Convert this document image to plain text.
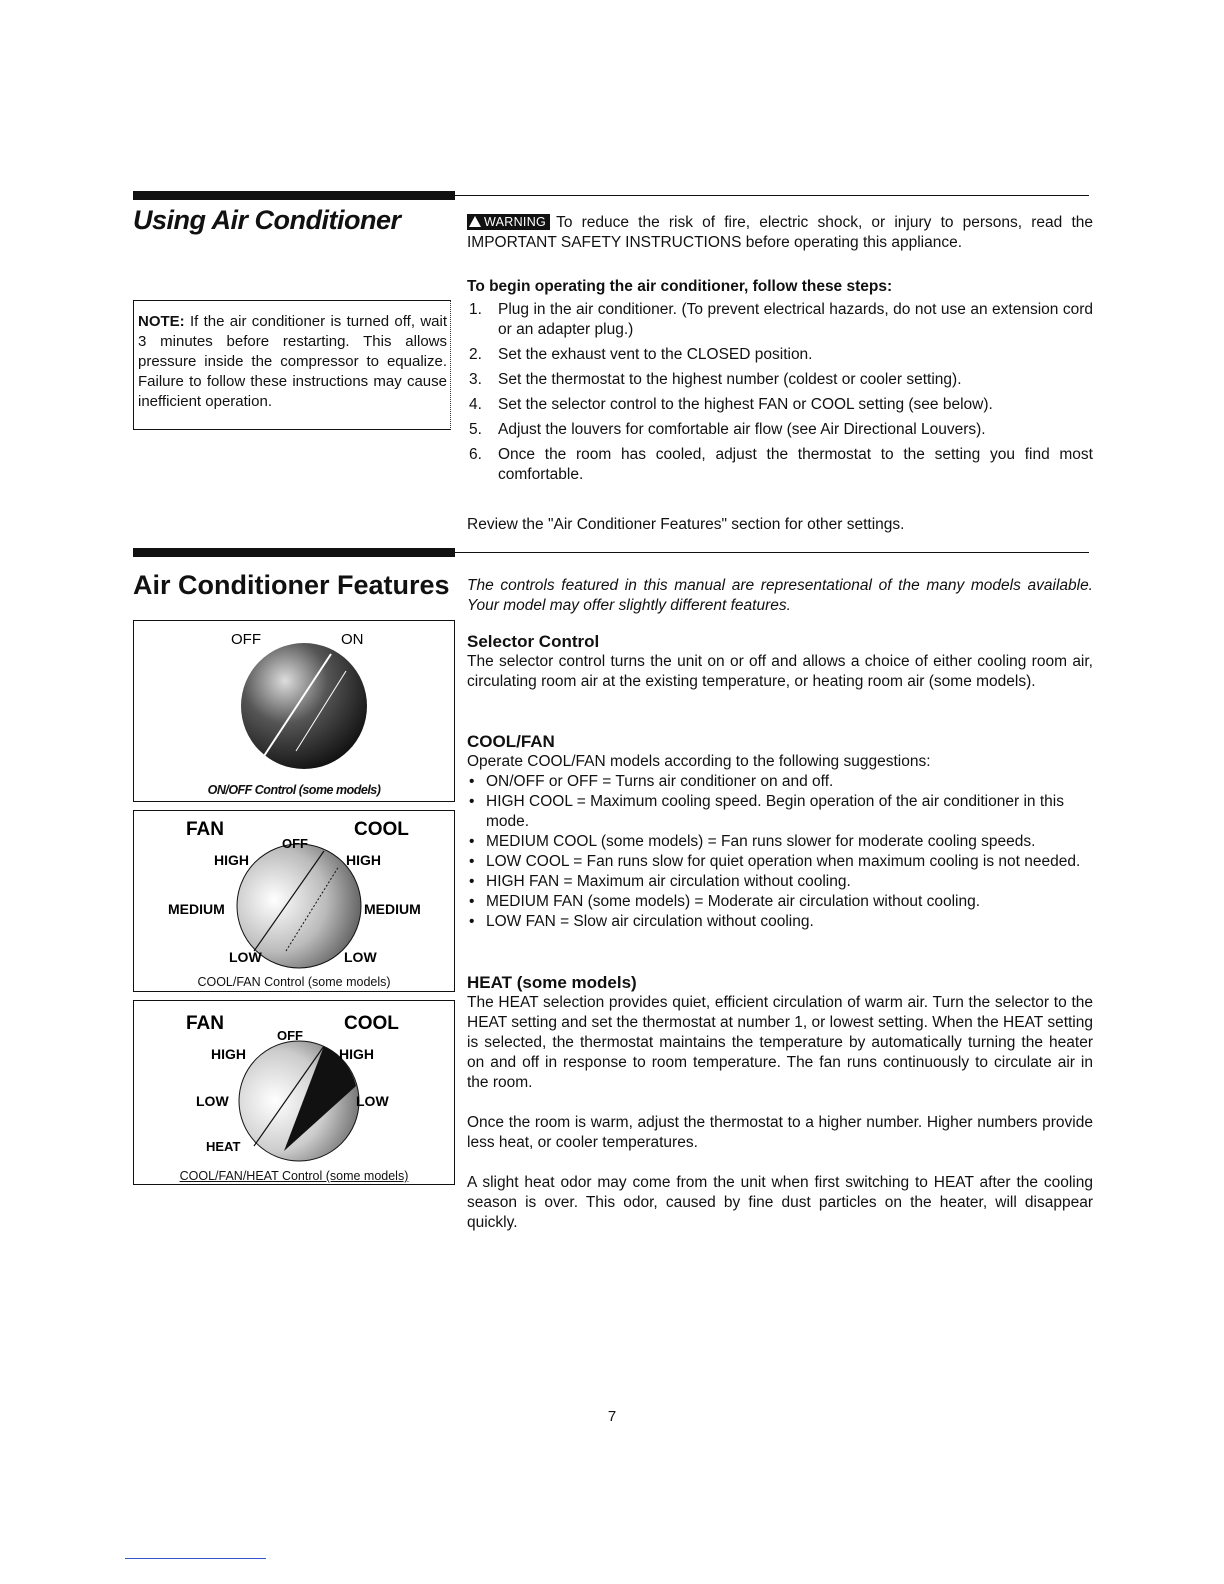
Using Air Conditioner	WARNING To reduce the risk of fire, electric shock, or injury to persons, read the IMPORTANT SAFETY INSTRUCTIONS before operating this appliance.

To begin operating the air conditioner, follow these steps:

1. Plug in the air conditioner. (To prevent electrical hazards, do not use an extension cord or an adapter plug.)
2. Set the exhaust vent to the CLOSED position.
3. Set the thermostat to the highest number (coldest or cooler setting).
4. Set the selector control to the highest FAN or COOL setting (see below).
5. Adjust the louvers for comfortable air flow (see Air Directional Louvers).
6. Once the room has cooled, adjust the thermostat to the setting you find most comfortable.

Review the "Air Conditioner Features" section for other settings.

NOTE: If the air conditioner is turned off, wait 3 minutes before restarting. This allows pressure inside the compressor to equalize. Failure to follow these instructions may cause inefficient operation.
Air Conditioner Features The controls featured in this manual are representational of the many models available. Your model may offer slightly different features.

Selector Control

The selector control turns the unit on or off and allows a choice of either cooling room air, circulating room air at the existing temperature, or heating room air (some models).

COOL/FAN

Operate COOL/FAN models according to the following suggestions:

• ON/OFF or OFF = Turns air conditioner on and off.
• HIGH COOL = Maximum cooling speed. Begin operation of the air conditioner in this mode.
• MEDIUM COOL (some models) = Fan runs slower for moderate cooling speeds.
• LOW COOL = Fan runs slow for quiet operation when maximum cooling is not needed.
• HIGH FAN = Maximum air circulation without cooling.
• MEDIUM FAN (some models) = Moderate air circulation without cooling.
• LOW FAN = Slow air circulation without cooling.

HEAT (some models)

The HEAT selection provides quiet, efficient circulation of warm air. Turn the selector to the HEAT setting and set the thermostat at number 1, or lowest setting. When the HEAT setting is selected, the thermostat maintains the temperature by automatically turning the heater on and off in response to room temperature. The fan runs continuously to circulate air in the room.

Once the room is warm, adjust the thermostat to a higher number. Higher numbers provide less heat, or cooler temperatures.

A slight heat odor may come from the unit when first switching to HEAT after the cooling season is over. This odor, caused by fine dust particles on the heater, will disappear quickly.

OFF	ON
ON/OFF Control (some models)
FAN	COOL
OFF
HIGH	HIGH
MEDIUM	MEDIUM
LOW	LOW
COOL/FAN Control (some models)
FAN	COOL
OFF
HIGH	HIGH
LOW	LOW
HEAT
COOL/FAN/HEAT Control (some models)
7
